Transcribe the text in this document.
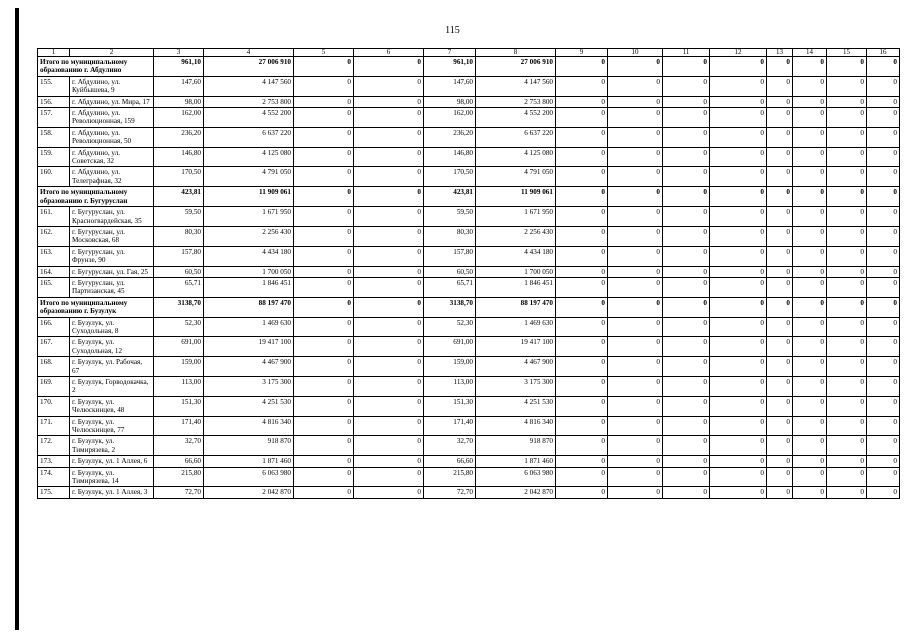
115
1	2	3	4	5	6	7	8	9	10	11	12	13	14	15	16
Итого по муниципальному образованию г. Абдулино		961,10	27 006 910	0	0	961,10	27 006 910	0	0	0	0	0	0	0	0
155.	г. Абдулино, ул. Куйбышева, 9	147,60	4 147 560	0	0	147,60	4 147 560	0	0	0	0	0	0	0	0
156.	г. Абдулино, ул. Мира, 17	98,00	2 753 800	0	0	98,00	2 753 800	0	0	0	0	0	0	0	0
157.	г. Абдулино, ул. Революционная, 159	162,00	4 552 200	0	0	162,00	4 552 200	0	0	0	0	0	0	0	0
158.	г. Абдулино, ул. Революционная, 50	236,20	6 637 220	0	0	236,20	6 637 220	0	0	0	0	0	0	0	0
159.	г. Абдулино, ул. Советская, 32	146,80	4 125 080	0	0	146,80	4 125 080	0	0	0	0	0	0	0	0
160.	г. Абдулино, ул. Телеграфная, 32	170,50	4 791 050	0	0	170,50	4 791 050	0	0	0	0	0	0	0	0
Итого по муниципальному образованию г. Бугуруслан		423,81	11 909 061	0	0	423,81	11 909 061	0	0	0	0	0	0	0	0
161.	г. Бугуруслан, ул. Красногвардейская, 35	59,50	1 671 950	0	0	59,50	1 671 950	0	0	0	0	0	0	0	0
162.	г. Бугуруслан, ул. Московская, 68	80,30	2 256 430	0	0	80,30	2 256 430	0	0	0	0	0	0	0	0
163.	г. Бугуруслан, ул. Фрунзе, 90	157,80	4 434 180	0	0	157,80	4 434 180	0	0	0	0	0	0	0	0
164.	г. Бугуруслан, ул. Гая, 25	60,50	1 700 050	0	0	60,50	1 700 050	0	0	0	0	0	0	0	0
165.	г. Бугуруслан, ул. Партизанская, 45	65,71	1 846 451	0	0	65,71	1 846 451	0	0	0	0	0	0	0	0
Итого по муниципальному образованию г. Бузулук		3138,70	88 197 470	0	0	3138,70	88 197 470	0	0	0	0	0	0	0	0
166.	г. Бузулук, ул. Суходольная, 8	52,30	1 469 630	0	0	52,30	1 469 630	0	0	0	0	0	0	0	0
167.	г. Бузулук, ул. Суходольная, 12	691,00	19 417 100	0	0	691,00	19 417 100	0	0	0	0	0	0	0	0
168.	г. Бузулук, ул. Рабочая, 67	159,00	4 467 900	0	0	159,00	4 467 900	0	0	0	0	0	0	0	0
169.	г. Бузулук, Гоpводокачка, 2	113,00	3 175 300	0	0	113,00	3 175 300	0	0	0	0	0	0	0	0
170.	г. Бузулук, ул. Челюскинцев, 48	151,30	4 251 530	0	0	151,30	4 251 530	0	0	0	0	0	0	0	0
171.	г. Бузулук, ул. Челюскинцев, 77	171,40	4 816 340	0	0	171,40	4 816 340	0	0	0	0	0	0	0	0
172.	г. Бузулук, ул. Тимирязева, 2	32,70	918 870	0	0	32,70	918 870	0	0	0	0	0	0	0	0
173.	г. Бузулук, ул. 1 Аллея, 6	66,60	1 871 460	0	0	66,60	1 871 460	0	0	0	0	0	0	0	0
174.	г. Бузулук, ул. Тимирязева, 14	215,80	6 063 980	0	0	215,80	6 063 980	0	0	0	0	0	0	0	0
175.	г. Бузулук, ул. 1 Аллея, 3	72,70	2 042 870	0	0	72,70	2 042 870	0	0	0	0	0	0	0	0
